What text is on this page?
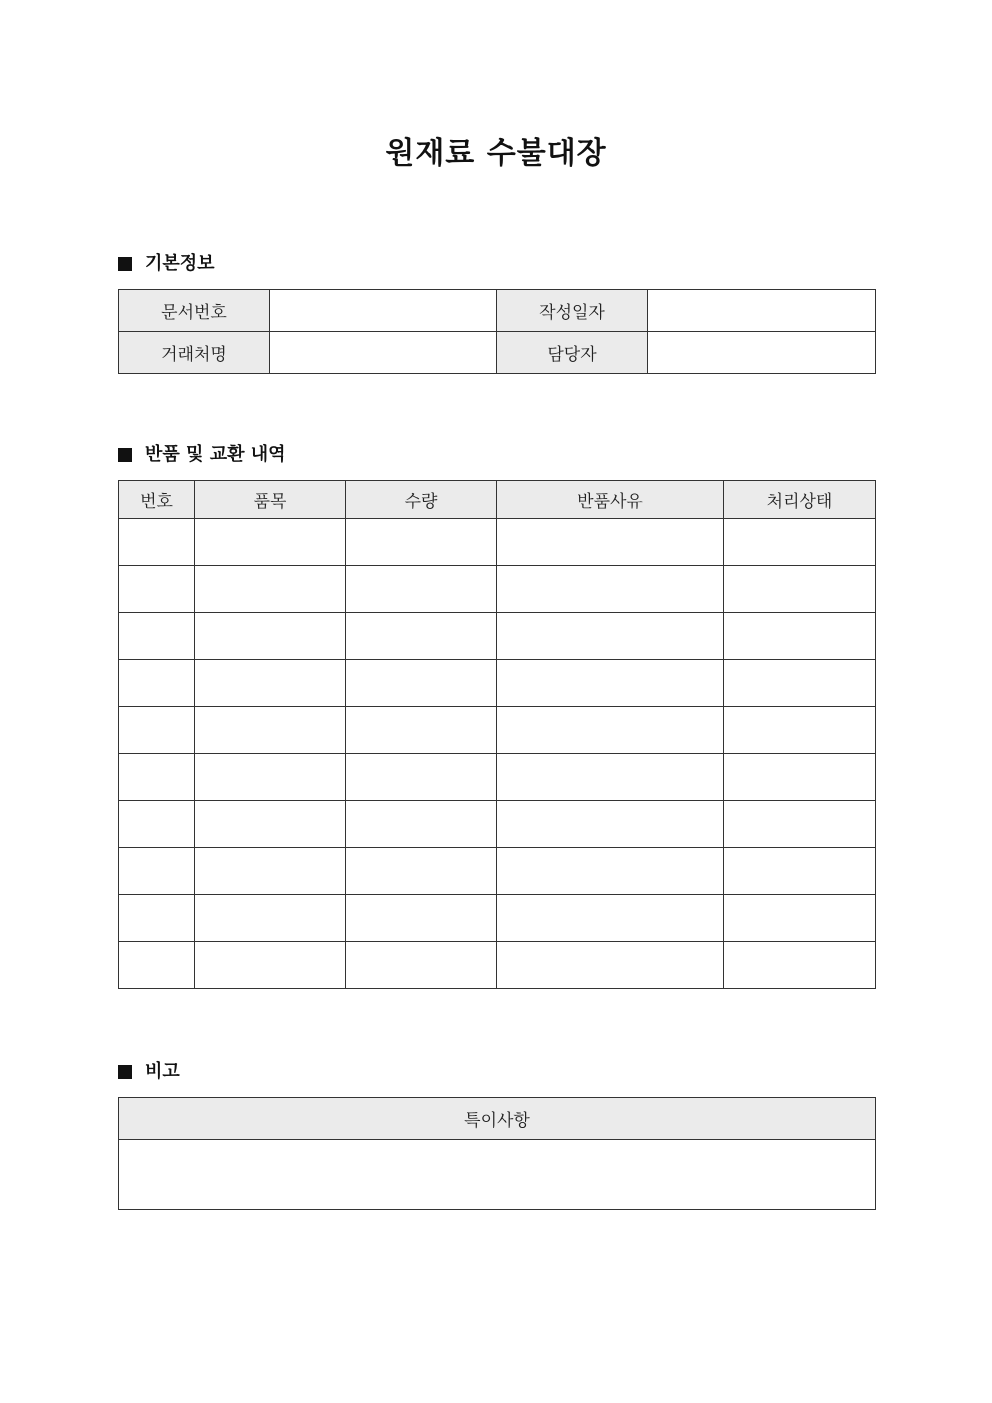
원재료 수불대장
기본정보
문서번호		작성일자	
거래처명		담당자	
반품 및 교환 내역
번호	품목	수량	반품사유	처리상태

비고
특이사항
